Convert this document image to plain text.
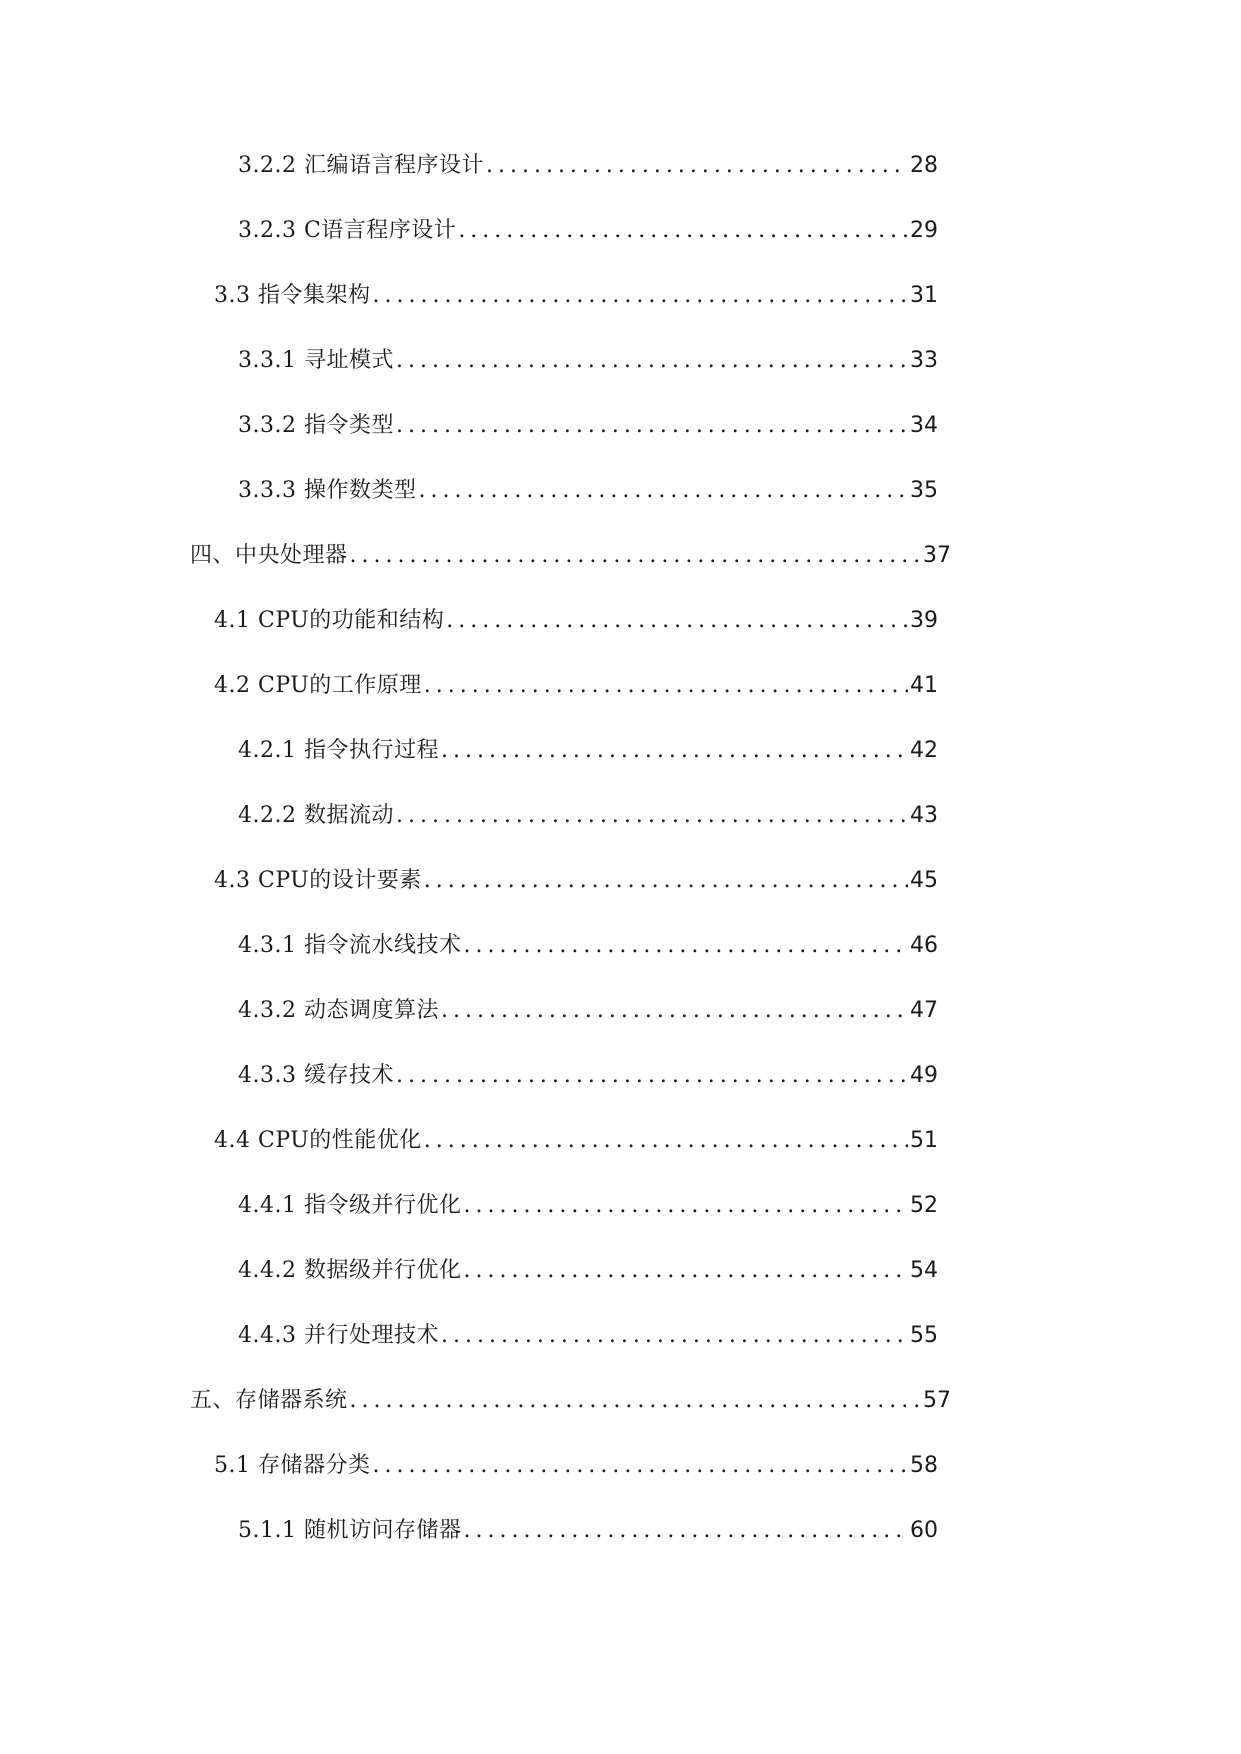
3.2.2 汇编语言程序设计 .....	28
3.2.3 C语言程序设计 .....	29
3.3 指令集架构 .....	31
3.3.1 寻址模式 .....	33
3.3.2 指令类型 .....	34
3.3.3 操作数类型 .....	35
四、中央处理器 .....	37
4.1 CPU的功能和结构 .....	39
4.2 CPU的工作原理 .....	41
4.2.1 指令执行过程 .....	42
4.2.2 数据流动 .....	43
4.3 CPU的设计要素 .....	45
4.3.1 指令流水线技术 .....	46
4.3.2 动态调度算法 .....	47
4.3.3 缓存技术 .....	49
4.4 CPU的性能优化 .....	51
4.4.1 指令级并行优化 .....	52
4.4.2 数据级并行优化 .....	54
4.4.3 并行处理技术 .....	55
五、存储器系统 .....	57
5.1 存储器分类 .....	58
5.1.1 随机访问存储器 .....	60
